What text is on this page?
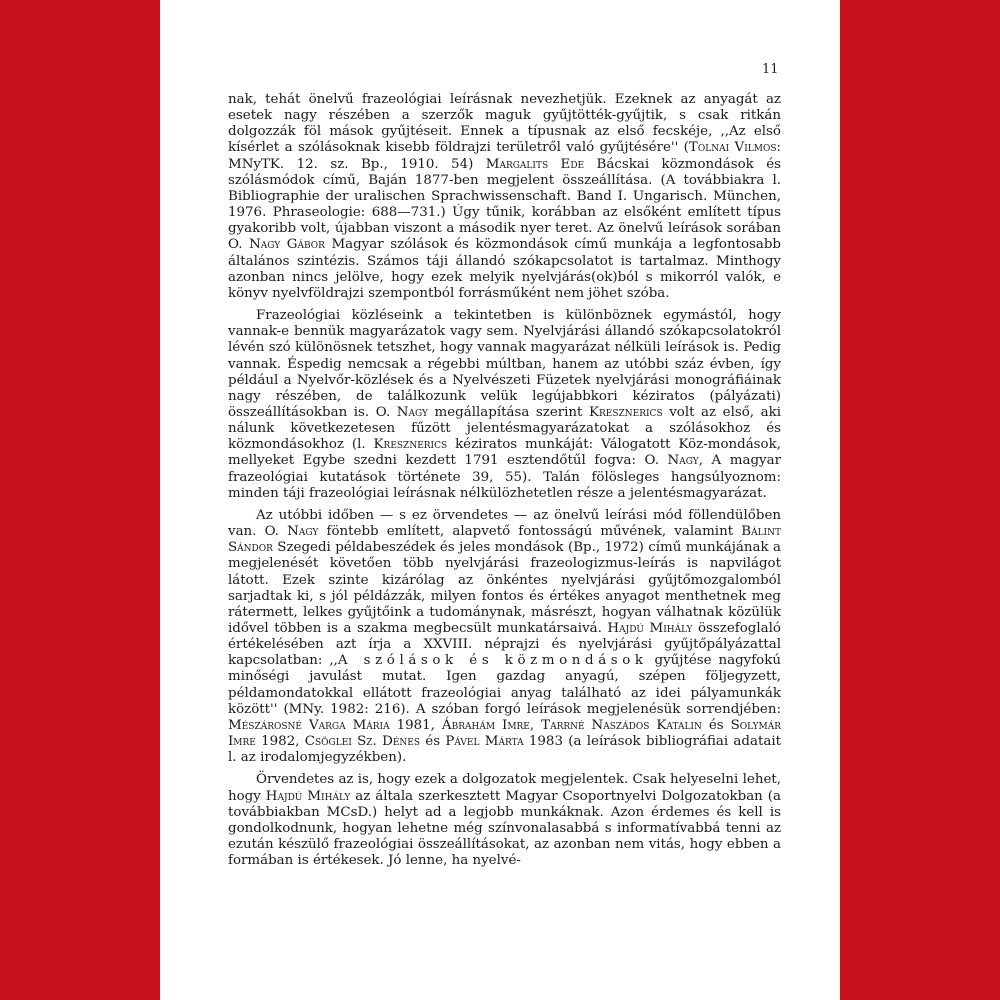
11

nak, tehát önelvű frazeológiai leírásnak nevezhetjük. Ezeknek az anyagát az esetek nagy részében a szerzők maguk gyűjtötték-gyűjtik, s csak ritkán dolgozzák föl mások gyűjtéseit. Ennek a típusnak az első fecskéje, ,,Az első kísérlet a szólásoknak kisebb földrajzi területről való gyűjtésére'' (Tolnai Vilmos: MNyTK. 12. sz. Bp., 1910. 54) Margalits Ede Bácskai közmondások és szólásmódok című, Baján 1877-ben megjelent összeállítása. (A továbbiakra l. Bibliographie der uralischen Sprachwissenschaft. Band I. Ungarisch. München, 1976. Phraseologie: 688—731.) Úgy tűnik, korábban az elsőként említett típus gyakoribb volt, újabban viszont a második nyer teret. Az önelvű leírások sorában O. Nagy Gábor Magyar szólások és közmondások című munkája a legfontosabb általános szintézis. Számos táji állandó szókapcsolatot is tartalmaz. Minthogy azonban nincs jelölve, hogy ezek melyik nyelvjárás(ok)ból s mikorról valók, e könyv nyelvföldrajzi szempontból forrásműként nem jöhet szóba.

Frazeológiai közléseink a tekintetben is különböznek egymástól, hogy vannak-e bennük magyarázatok vagy sem. Nyelvjárási állandó szókapcsolatokról lévén szó különösnek tetszhet, hogy vannak magyarázat nélküli leírások is. Pedig vannak. Éspedig nemcsak a régebbi múltban, hanem az utóbbi száz évben, így például a Nyelvőr-közlések és a Nyelvészeti Füzetek nyelvjárási monográfiáinak nagy részében, de találkozunk velük legújabbkori kéziratos (pályázati) összeállításokban is. O. Nagy megállapítása szerint Kresznerics volt az első, aki nálunk következetesen fűzött jelentésmagyarázatokat a szólásokhoz és közmondásokhoz (l. Kresznerics kéziratos munkáját: Válogatott Köz-mondások, mellyeket Egybe szedni kezdett 1791 esztendőtűl fogva: O. Nagy, A magyar frazeológiai kutatások története 39, 55). Talán fölösleges hangsúlyoznom: minden táji frazeológiai leírásnak nélkülözhetetlen része a jelentésmagyarázat.

Az utóbbi időben — s ez örvendetes — az önelvű leírási mód föllendülőben van. O. Nagy föntebb említett, alapvető fontosságú művének, valamint Bálint Sándor Szegedi példabeszédek és jeles mondások (Bp., 1972) című munkájának a megjelenését követően több nyelvjárási frazeologizmus-leírás is napvilágot látott. Ezek szinte kizárólag az önkéntes nyelvjárási gyűjtőmozgalomból sarjadtak ki, s jól példázzák, milyen fontos és értékes anyagot menthetnek meg rátermett, lelkes gyűjtőink a tudománynak, másrészt, hogyan válhatnak közülük idővel többen is a szakma megbecsült munkatársaivá. Hajdú Mihály összefoglaló értékelésében azt írja a XXVIII. néprajzi és nyelvjárási gyűjtőpályázattal kapcsolatban: ,,A szólások és közmondások gyűjtése nagyfokú minőségi javulást mutat. Igen gazdag anyagú, szépen följegyzett, példamondatokkal ellátott frazeológiai anyag található az idei pályamunkák között'' (MNy. 1982: 216). A szóban forgó leírások megjelenésük sorrendjében: Mészárosné Varga Mária 1981, Ábrahám Imre, Tarrné Naszádos Katalin és Solymár Imre 1982, Csöglei Sz. Dénes és Pável Márta 1983 (a leírások bibliográfiai adatait l. az irodalomjegyzékben).

Örvendetes az is, hogy ezek a dolgozatok megjelentek. Csak helyeselni lehet, hogy Hajdú Mihály az általa szerkesztett Magyar Csoportnyelvi Dolgozatokban (a továbbiakban MCsD.) helyt ad a legjobb munkáknak. Azon érdemes és kell is gondolkodnunk, hogyan lehetne még színvonalasabbá s informatívabbá tenni az ezután készülő frazeológiai összeállításokat, az azonban nem vitás, hogy ebben a formában is értékesek. Jó lenne, ha nyelvé-
